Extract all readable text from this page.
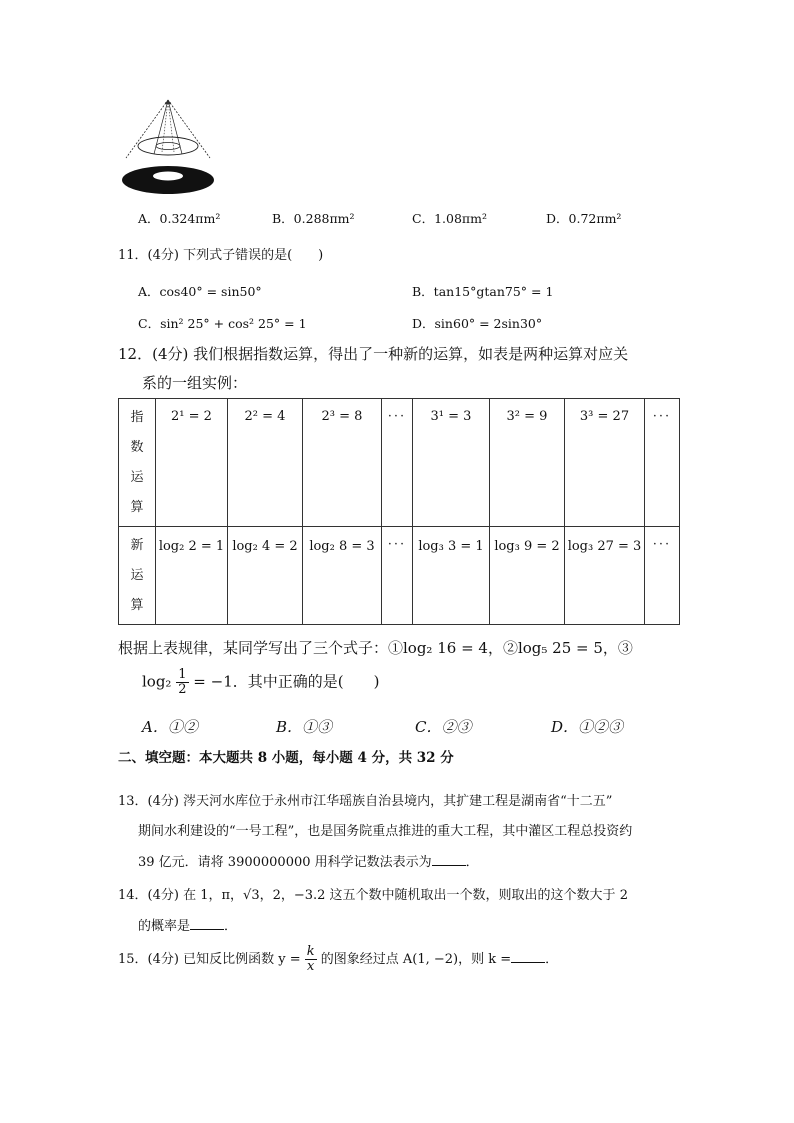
A．0.324πm²	B．0.288πm²	C．1.08πm²	D．0.72πm²
11．(4分) 下列式子错误的是(　　)
A．cos40° = sin50°	B．tan15°gtan75° = 1
C．sin² 25° + cos² 25° = 1	D．sin60° = 2sin30°
12．(4分) 我们根据指数运算，得出了一种新的运算，如表是两种运算对应关
系的一组实例：
指
数
运
算	2¹ = 2	2² = 4	2³ = 8	···	3¹ = 3	3² = 9	3³ = 27	···

新
运
算	log₂ 2 = 1	log₂ 4 = 2	log₂ 8 = 3	···	log₃ 3 = 1	log₃ 9 = 2	log₃ 27 = 3	···
根据上表规律，某同学写出了三个式子：①log₂ 16 = 4，②log₅ 25 = 5，③
$\log_2 \frac{1}{2} = -1$．其中正确的是(　　)
A．①②	B．①③	C．②③	D．①②③
二、填空题：本大题共 8 小题，每小题 4 分，共 32 分
13．(4分) 涔天河水库位于永州市江华瑶族自治县境内，其扩建工程是湖南省“十二五”
期间水利建设的“一号工程”，也是国务院重点推进的重大工程，其中灌区工程总投资约
39 亿元．请将 3900000000 用科学记数法表示为	．
14．(4分) 在 1，π，√3，2，−3.2 这五个数中随机取出一个数，则取出的这个数大于 2
的概率是	．
15．(4分) 已知反比例函数 $y = \frac{k}{x}$ 的图象经过点 A(1, −2)，则 k =	．
